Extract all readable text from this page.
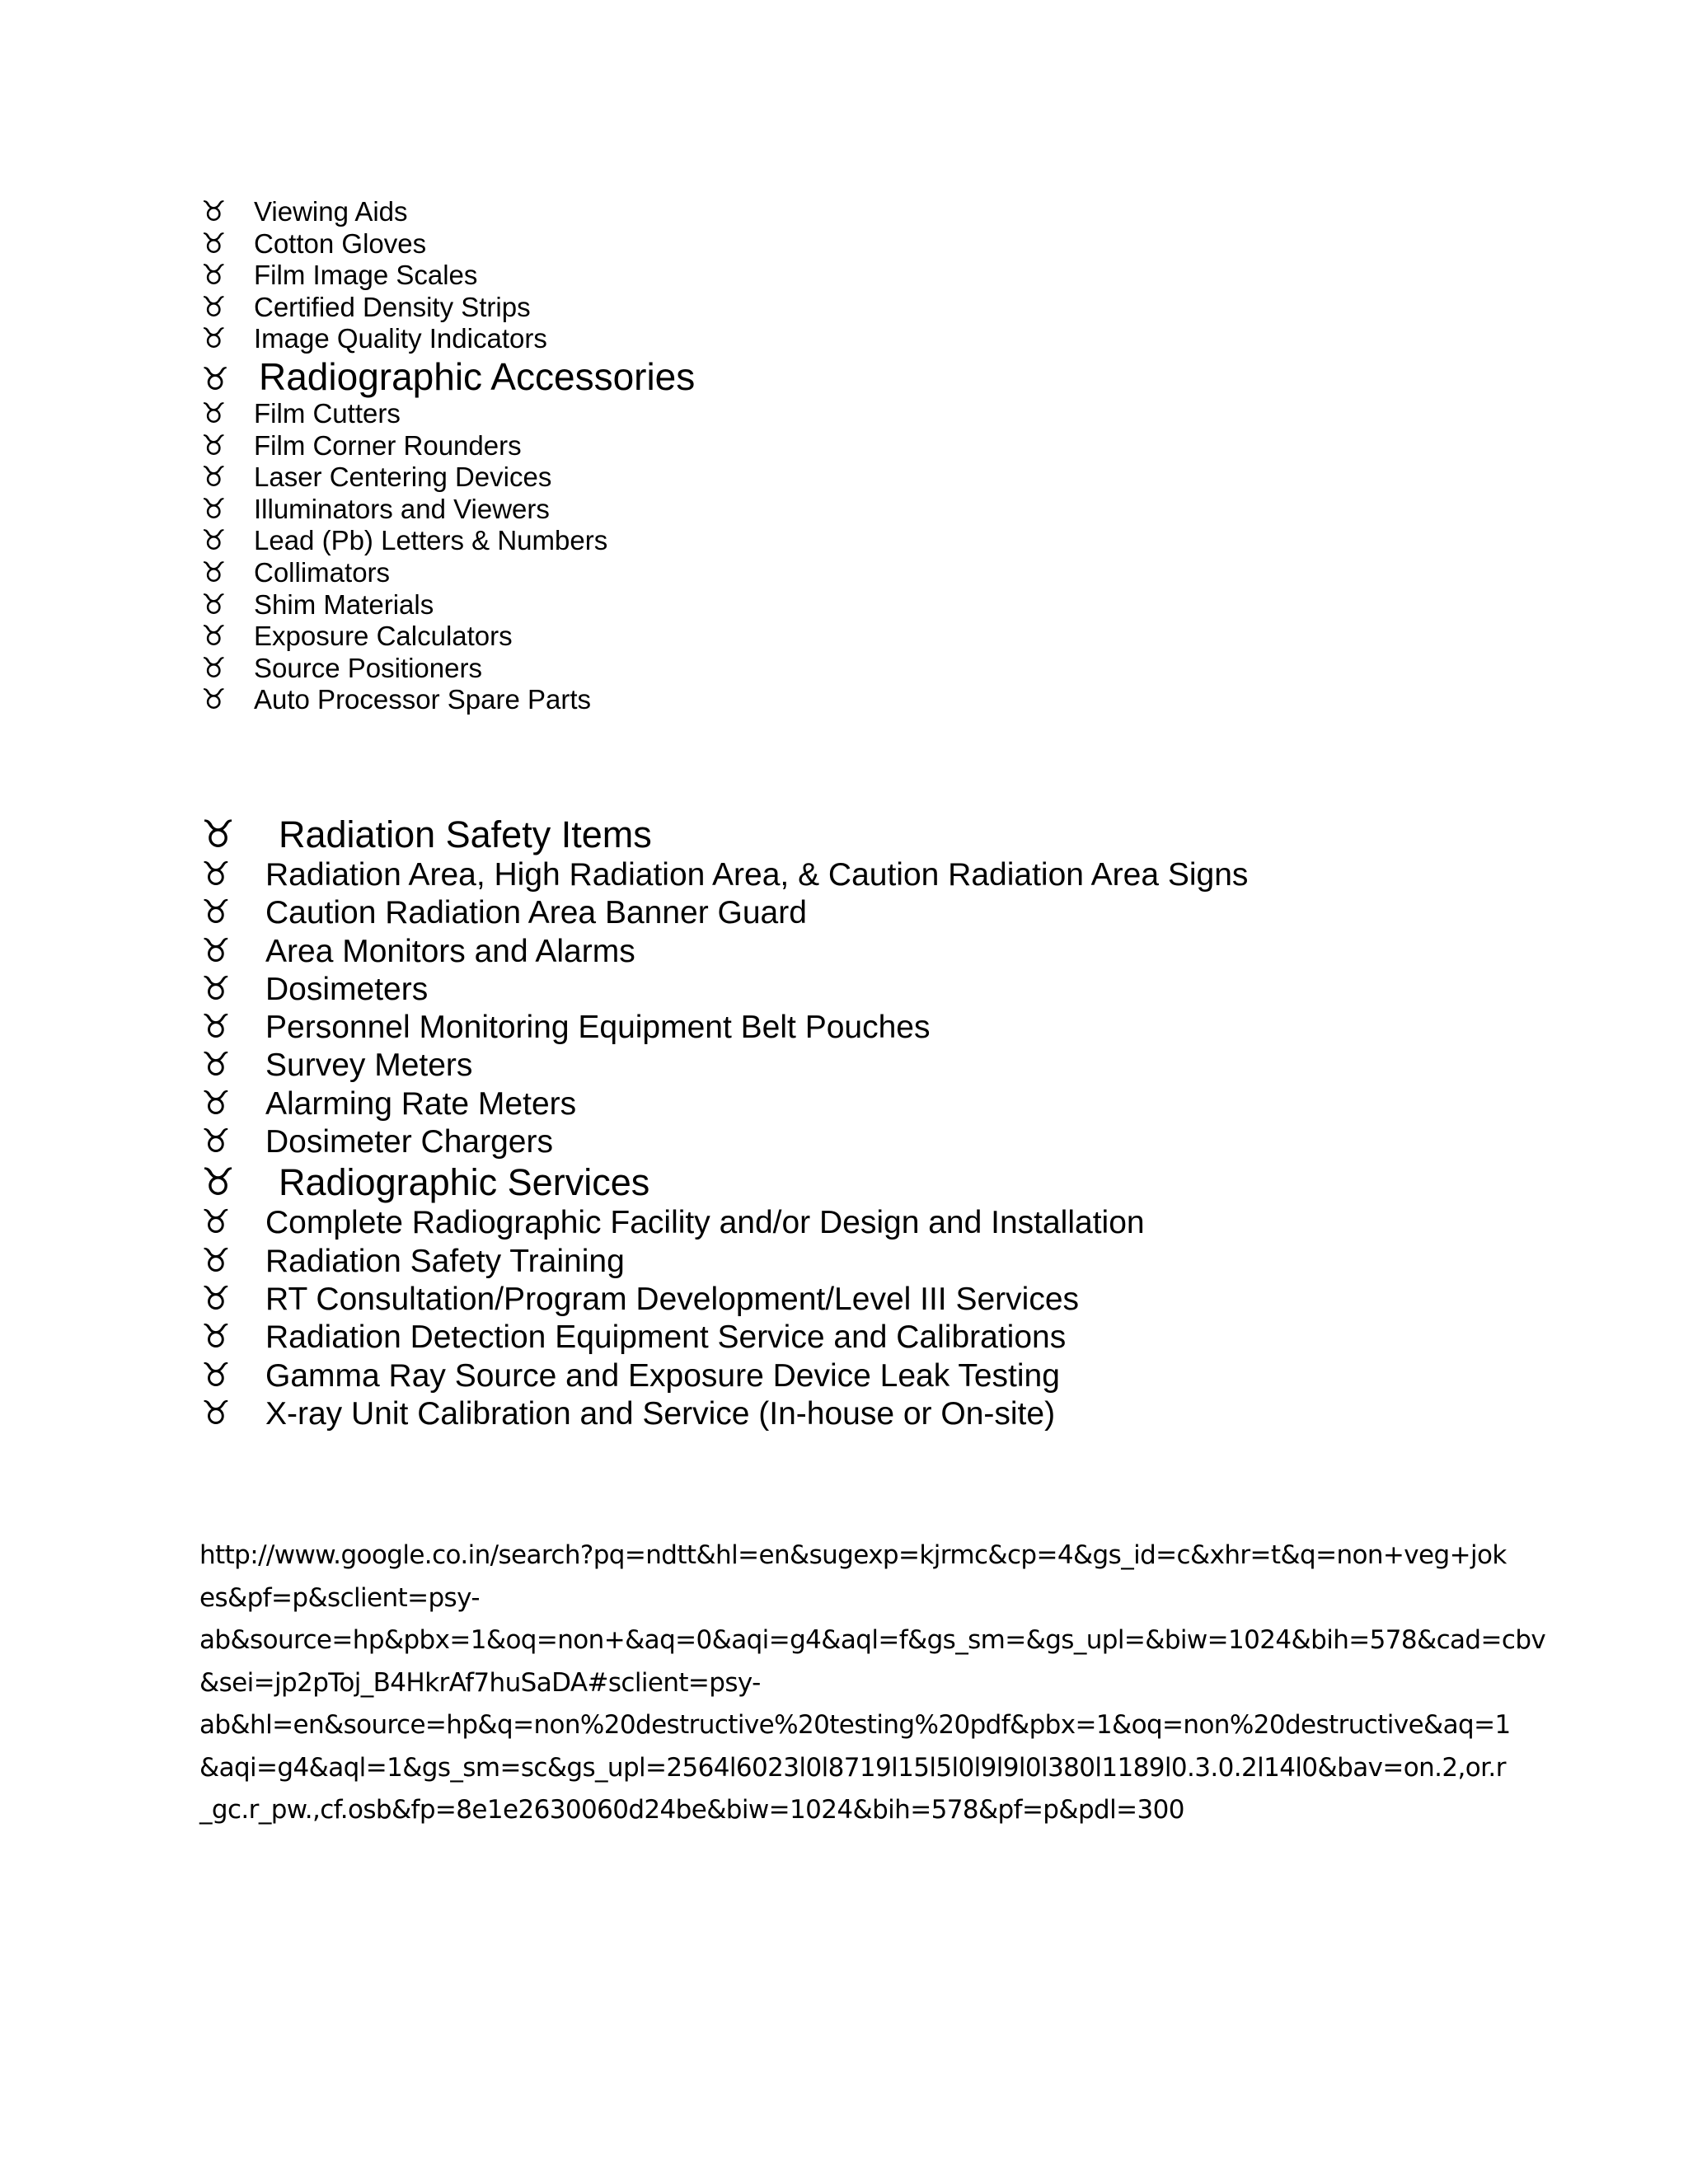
♉	Viewing Aids
♉	Cotton Gloves
♉	Film Image Scales
♉	Certified Density Strips
♉	Image Quality Indicators
♉ Radiographic Accessories
♉	Film Cutters
♉	Film Corner Rounders
♉	Laser Centering Devices
♉	Illuminators and Viewers
♉	Lead (Pb) Letters & Numbers
♉	Collimators
♉	Shim Materials
♉	Exposure Calculators
♉	Source Positioners
♉	Auto Processor Spare Parts
♉	Radiation Safety Items
♉	Radiation Area, High Radiation Area, & Caution Radiation Area Signs
♉	Caution Radiation Area Banner Guard
♉	Area Monitors and Alarms
♉	Dosimeters
♉	Personnel Monitoring Equipment Belt Pouches
♉	Survey Meters
♉	Alarming Rate Meters
♉	Dosimeter Chargers
♉	Radiographic Services
♉	Complete Radiographic Facility and/or Design and Installation
♉	Radiation Safety Training
♉	RT Consultation/Program Development/Level III Services
♉	Radiation Detection Equipment Service and Calibrations
♉	Gamma Ray Source and Exposure Device Leak Testing
♉	X-ray Unit Calibration and Service (In-house or On-site)
http://www.google.co.in/search?pq=ndtt&hl=en&sugexp=kjrmc&cp=4&gs_id=c&xhr=t&q=non+veg+jok
es&pf=p&sclient=psy-
ab&source=hp&pbx=1&oq=non+&aq=0&aqi=g4&aql=f&gs_sm=&gs_upl=&biw=1024&bih=578&cad=cbv
&sei=jp2pToj_B4HkrAf7huSaDA#sclient=psy-
ab&hl=en&source=hp&q=non%20destructive%20testing%20pdf&pbx=1&oq=non%20destructive&aq=1
&aqi=g4&aql=1&gs_sm=sc&gs_upl=2564l6023l0l8719l15l5l0l9l9l0l380l1189l0.3.0.2l14l0&bav=on.2,or.r
_gc.r_pw.,cf.osb&fp=8e1e2630060d24be&biw=1024&bih=578&pf=p&pdl=300
